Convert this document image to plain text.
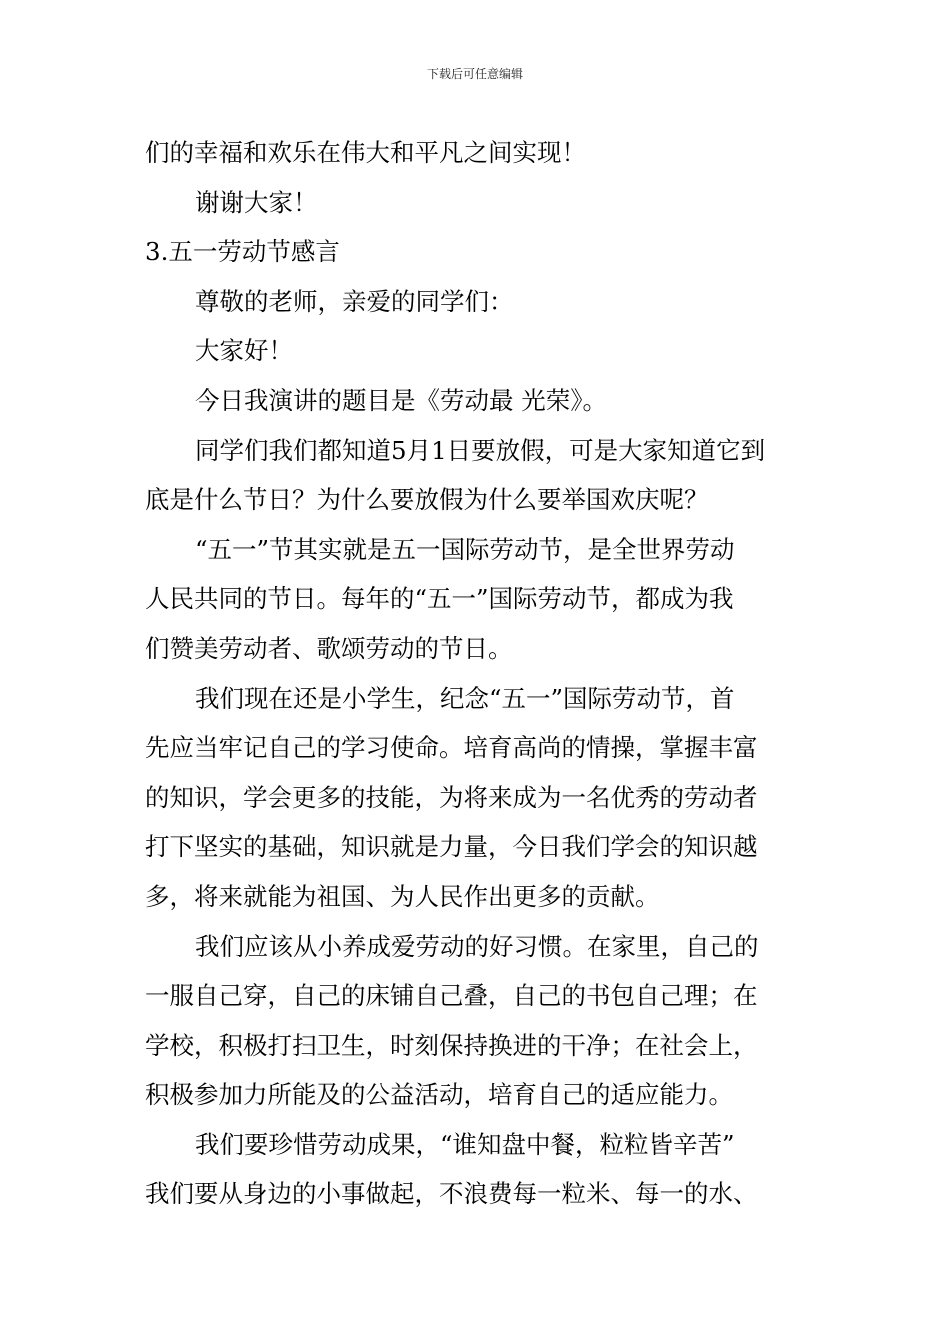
下载后可任意编辑
们的幸福和欢乐在伟大和平凡之间实现！
谢谢大家！
3.五一劳动节感言
尊敬的老师，亲爱的同学们：
大家好！
今日我演讲的题目是《劳动最 光荣》。
同学们我们都知道5月1日要放假，可是大家知道它到
底是什么节日？为什么要放假为什么要举国欢庆呢？
“五一”节其实就是五一国际劳动节，是全世界劳动
人民共同的节日。每年的“五一”国际劳动节，都成为我
们赞美劳动者、歌颂劳动的节日。
我们现在还是小学生，纪念“五一”国际劳动节，首
先应当牢记自己的学习使命。培育高尚的情操，掌握丰富
的知识，学会更多的技能，为将来成为一名优秀的劳动者
打下坚实的基础，知识就是力量，今日我们学会的知识越
多，将来就能为祖国、为人民作出更多的贡献。
我们应该从小养成爱劳动的好习惯。在家里，自己的
一服自己穿，自己的床铺自己叠，自己的书包自己理；在
学校，积极打扫卫生，时刻保持换进的干净；在社会上，
积极参加力所能及的公益活动，培育自己的适应能力。
我们要珍惜劳动成果，“谁知盘中餐，粒粒皆辛苦”
我们要从身边的小事做起，不浪费每一粒米、每一的水、
